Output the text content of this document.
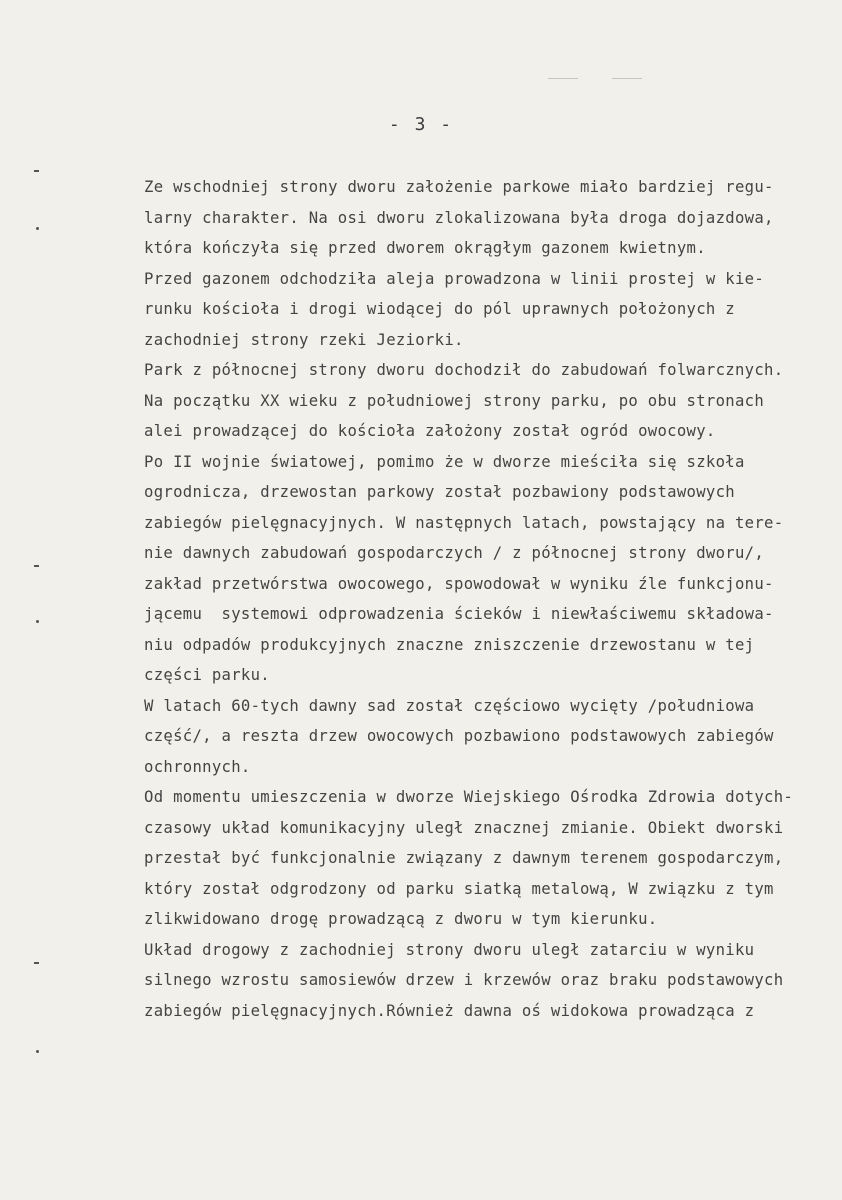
- 3 -
Ze wschodniej strony dworu założenie parkowe miało bardziej regu-
larny charakter. Na osi dworu zlokalizowana była droga dojazdowa,
która kończyła się przed dworem okrągłym gazonem kwietnym.
Przed gazonem odchodziła aleja prowadzona w linii prostej w kie-
runku kościoła i drogi wiodącej do pól uprawnych położonych z
zachodniej strony rzeki Jeziorki.
Park z północnej strony dworu dochodził do zabudowań folwarcznych.
Na początku XX wieku z południowej strony parku, po obu stronach
alei prowadzącej do kościoła założony został ogród owocowy.
Po II wojnie światowej, pomimo że w dworze mieściła się szkoła
ogrodnicza, drzewostan parkowy został pozbawiony podstawowych
zabiegów pielęgnacyjnych. W następnych latach, powstający na tere-
nie dawnych zabudowań gospodarczych / z północnej strony dworu/,
zakład przetwórstwa owocowego, spowodował w wyniku źle funkcjonu-
jącemu  systemowi odprowadzenia ścieków i niewłaściwemu składowa-
niu odpadów produkcyjnych znaczne zniszczenie drzewostanu w tej
części parku.
W latach 60-tych dawny sad został częściowo wycięty /południowa
część/, a reszta drzew owocowych pozbawiono podstawowych zabiegów
ochronnych.
Od momentu umieszczenia w dworze Wiejskiego Ośrodka Zdrowia dotych-
czasowy układ komunikacyjny uległ znacznej zmianie. Obiekt dworski
przestał być funkcjonalnie związany z dawnym terenem gospodarczym,
który został odgrodzony od parku siatką metalową, W związku z tym
zlikwidowano drogę prowadzącą z dworu w tym kierunku.
Układ drogowy z zachodniej strony dworu uległ zatarciu w wyniku
silnego wzrostu samosiewów drzew i krzewów oraz braku podstawowych
zabiegów pielęgnacyjnych.Również dawna oś widokowa prowadząca z
